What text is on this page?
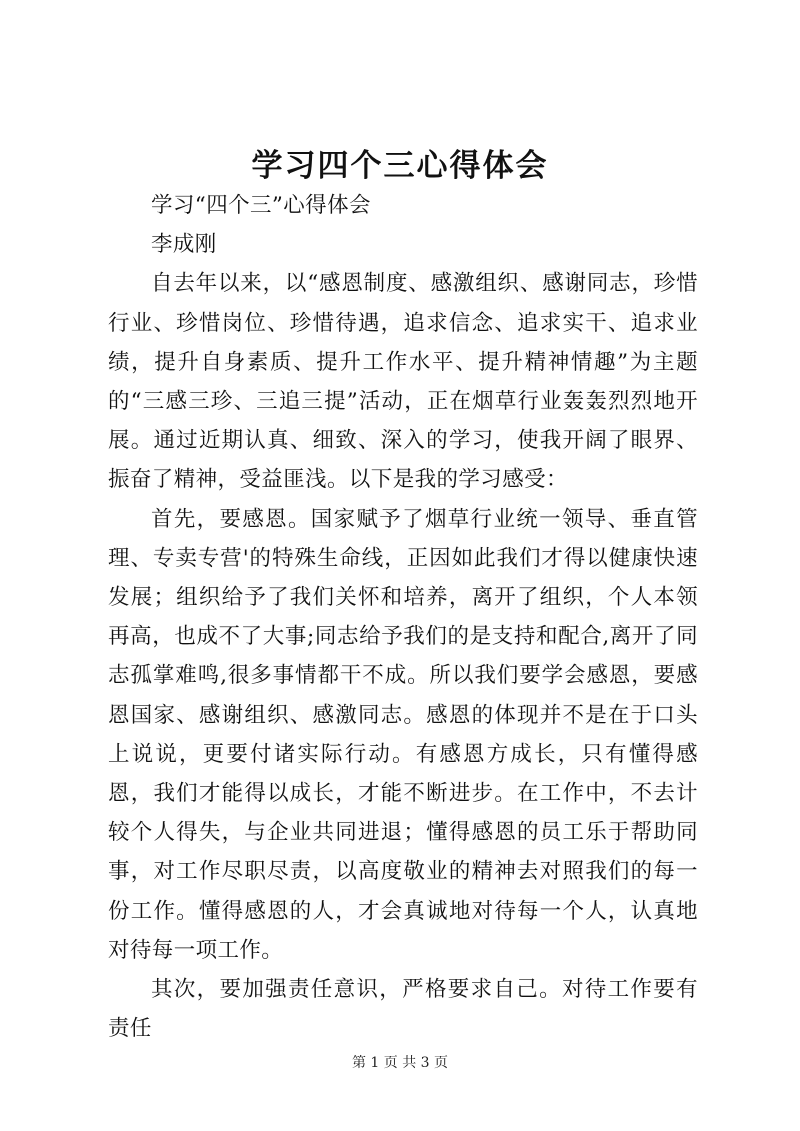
学习四个三心得体会

学习“四个三”心得体会

李成刚

自去年以来，以“感恩制度、感激组织、感谢同志，珍惜行业、珍惜岗位、珍惜待遇，追求信念、追求实干、追求业绩，提升自身素质、提升工作水平、提升精神情趣”为主题的“三感三珍、三追三提”活动，正在烟草行业轰轰烈烈地开展。通过近期认真、细致、深入的学习，使我开阔了眼界、振奋了精神，受益匪浅。以下是我的学习感受：

首先，要感恩。国家赋予了烟草行业统一领导、垂直管理、专卖专营'的特殊生命线，正因如此我们才得以健康快速发展；组织给予了我们关怀和培养，离开了组织，个人本领再高，也成不了大事;同志给予我们的是支持和配合,离开了同志孤掌难鸣,很多事情都干不成。所以我们要学会感恩，要感恩国家、感谢组织、感激同志。感恩的体现并不是在于口头上说说，更要付诸实际行动。有感恩方成长，只有懂得感恩，我们才能得以成长，才能不断进步。在工作中，不去计较个人得失，与企业共同进退；懂得感恩的员工乐于帮助同事，对工作尽职尽责，以高度敬业的精神去对照我们的每一份工作。懂得感恩的人，才会真诚地对待每一个人，认真地对待每一项工作。

其次，要加强责任意识，严格要求自己。对待工作要有责任

第 1 页 共 3 页
